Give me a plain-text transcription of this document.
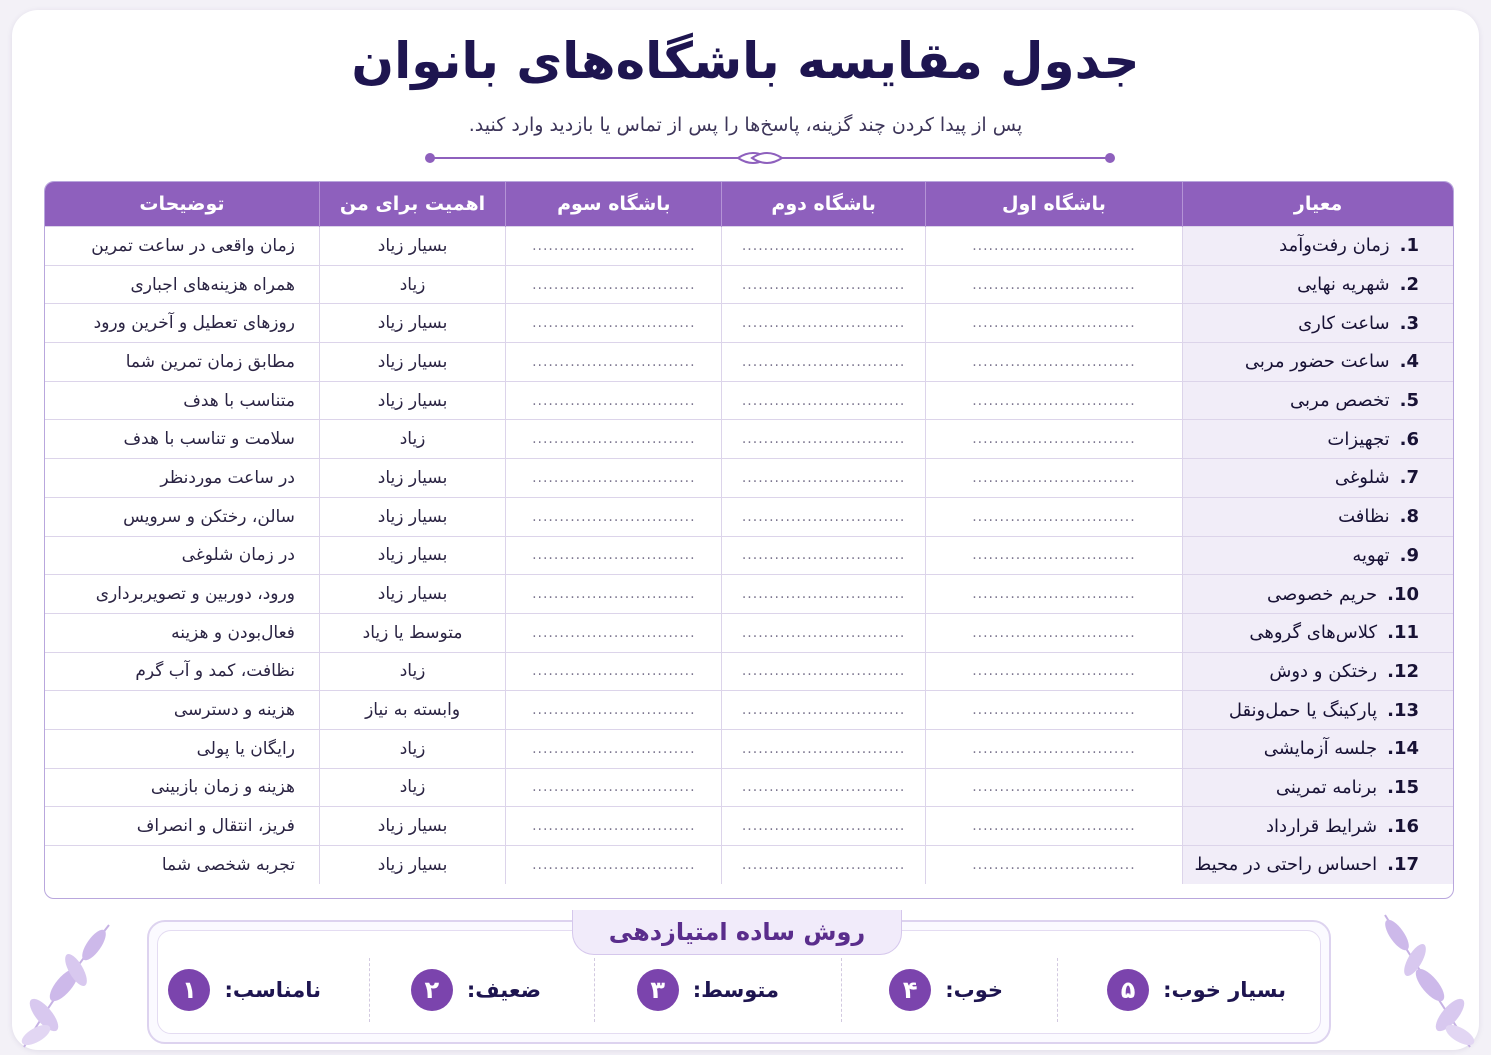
جدول مقایسه باشگاه‌های بانوان
پس از پیدا کردن چند گزینه، پاسخ‌ها را پس از تماس یا بازدید وارد کنید.
معیار	باشگاه اول	باشگاه دوم	باشگاه سوم	اهمیت برای من	توضیحات
1.زمان رفت‌وآمد	..............................	..............................	..............................	بسیار زیاد	زمان واقعی در ساعت تمرین
2.شهریه نهایی	..............................	..............................	..............................	زیاد	همراه هزینه‌های اجباری
3.ساعت کاری	..............................	..............................	..............................	بسیار زیاد	روزهای تعطیل و آخرین ورود
4.ساعت حضور مربی	..............................	..............................	..............................	بسیار زیاد	مطابق زمان تمرین شما
5.تخصص مربی	..............................	..............................	..............................	بسیار زیاد	متناسب با هدف
6.تجهیزات	..............................	..............................	..............................	زیاد	سلامت و تناسب با هدف
7.شلوغی	..............................	..............................	..............................	بسیار زیاد	در ساعت موردنظر
8.نظافت	..............................	..............................	..............................	بسیار زیاد	سالن، رختکن و سرویس
9.تهویه	..............................	..............................	..............................	بسیار زیاد	در زمان شلوغی
10.حریم خصوصی	..............................	..............................	..............................	بسیار زیاد	ورود، دوربین و تصویربرداری
11.کلاس‌های گروهی	..............................	..............................	..............................	متوسط یا زیاد	فعال‌بودن و هزینه
12.رختکن و دوش	..............................	..............................	..............................	زیاد	نظافت، کمد و آب گرم
13.پارکینگ یا حمل‌ونقل	..............................	..............................	..............................	وابسته به نیاز	هزینه و دسترسی
14.جلسه آزمایشی	..............................	..............................	..............................	زیاد	رایگان یا پولی
15.برنامه تمرینی	..............................	..............................	..............................	زیاد	هزینه و زمان بازبینی
16.شرایط قرارداد	..............................	..............................	..............................	بسیار زیاد	فریز، انتقال و انصراف
17.احساس راحتی در محیط	..............................	..............................	..............................	بسیار زیاد	تجربه شخصی شما
روش ساده امتیازدهی
بسیار خوب:
۵
خوب:
۴
متوسط:
۳
ضعیف:
۲
نامناسب:
۱
